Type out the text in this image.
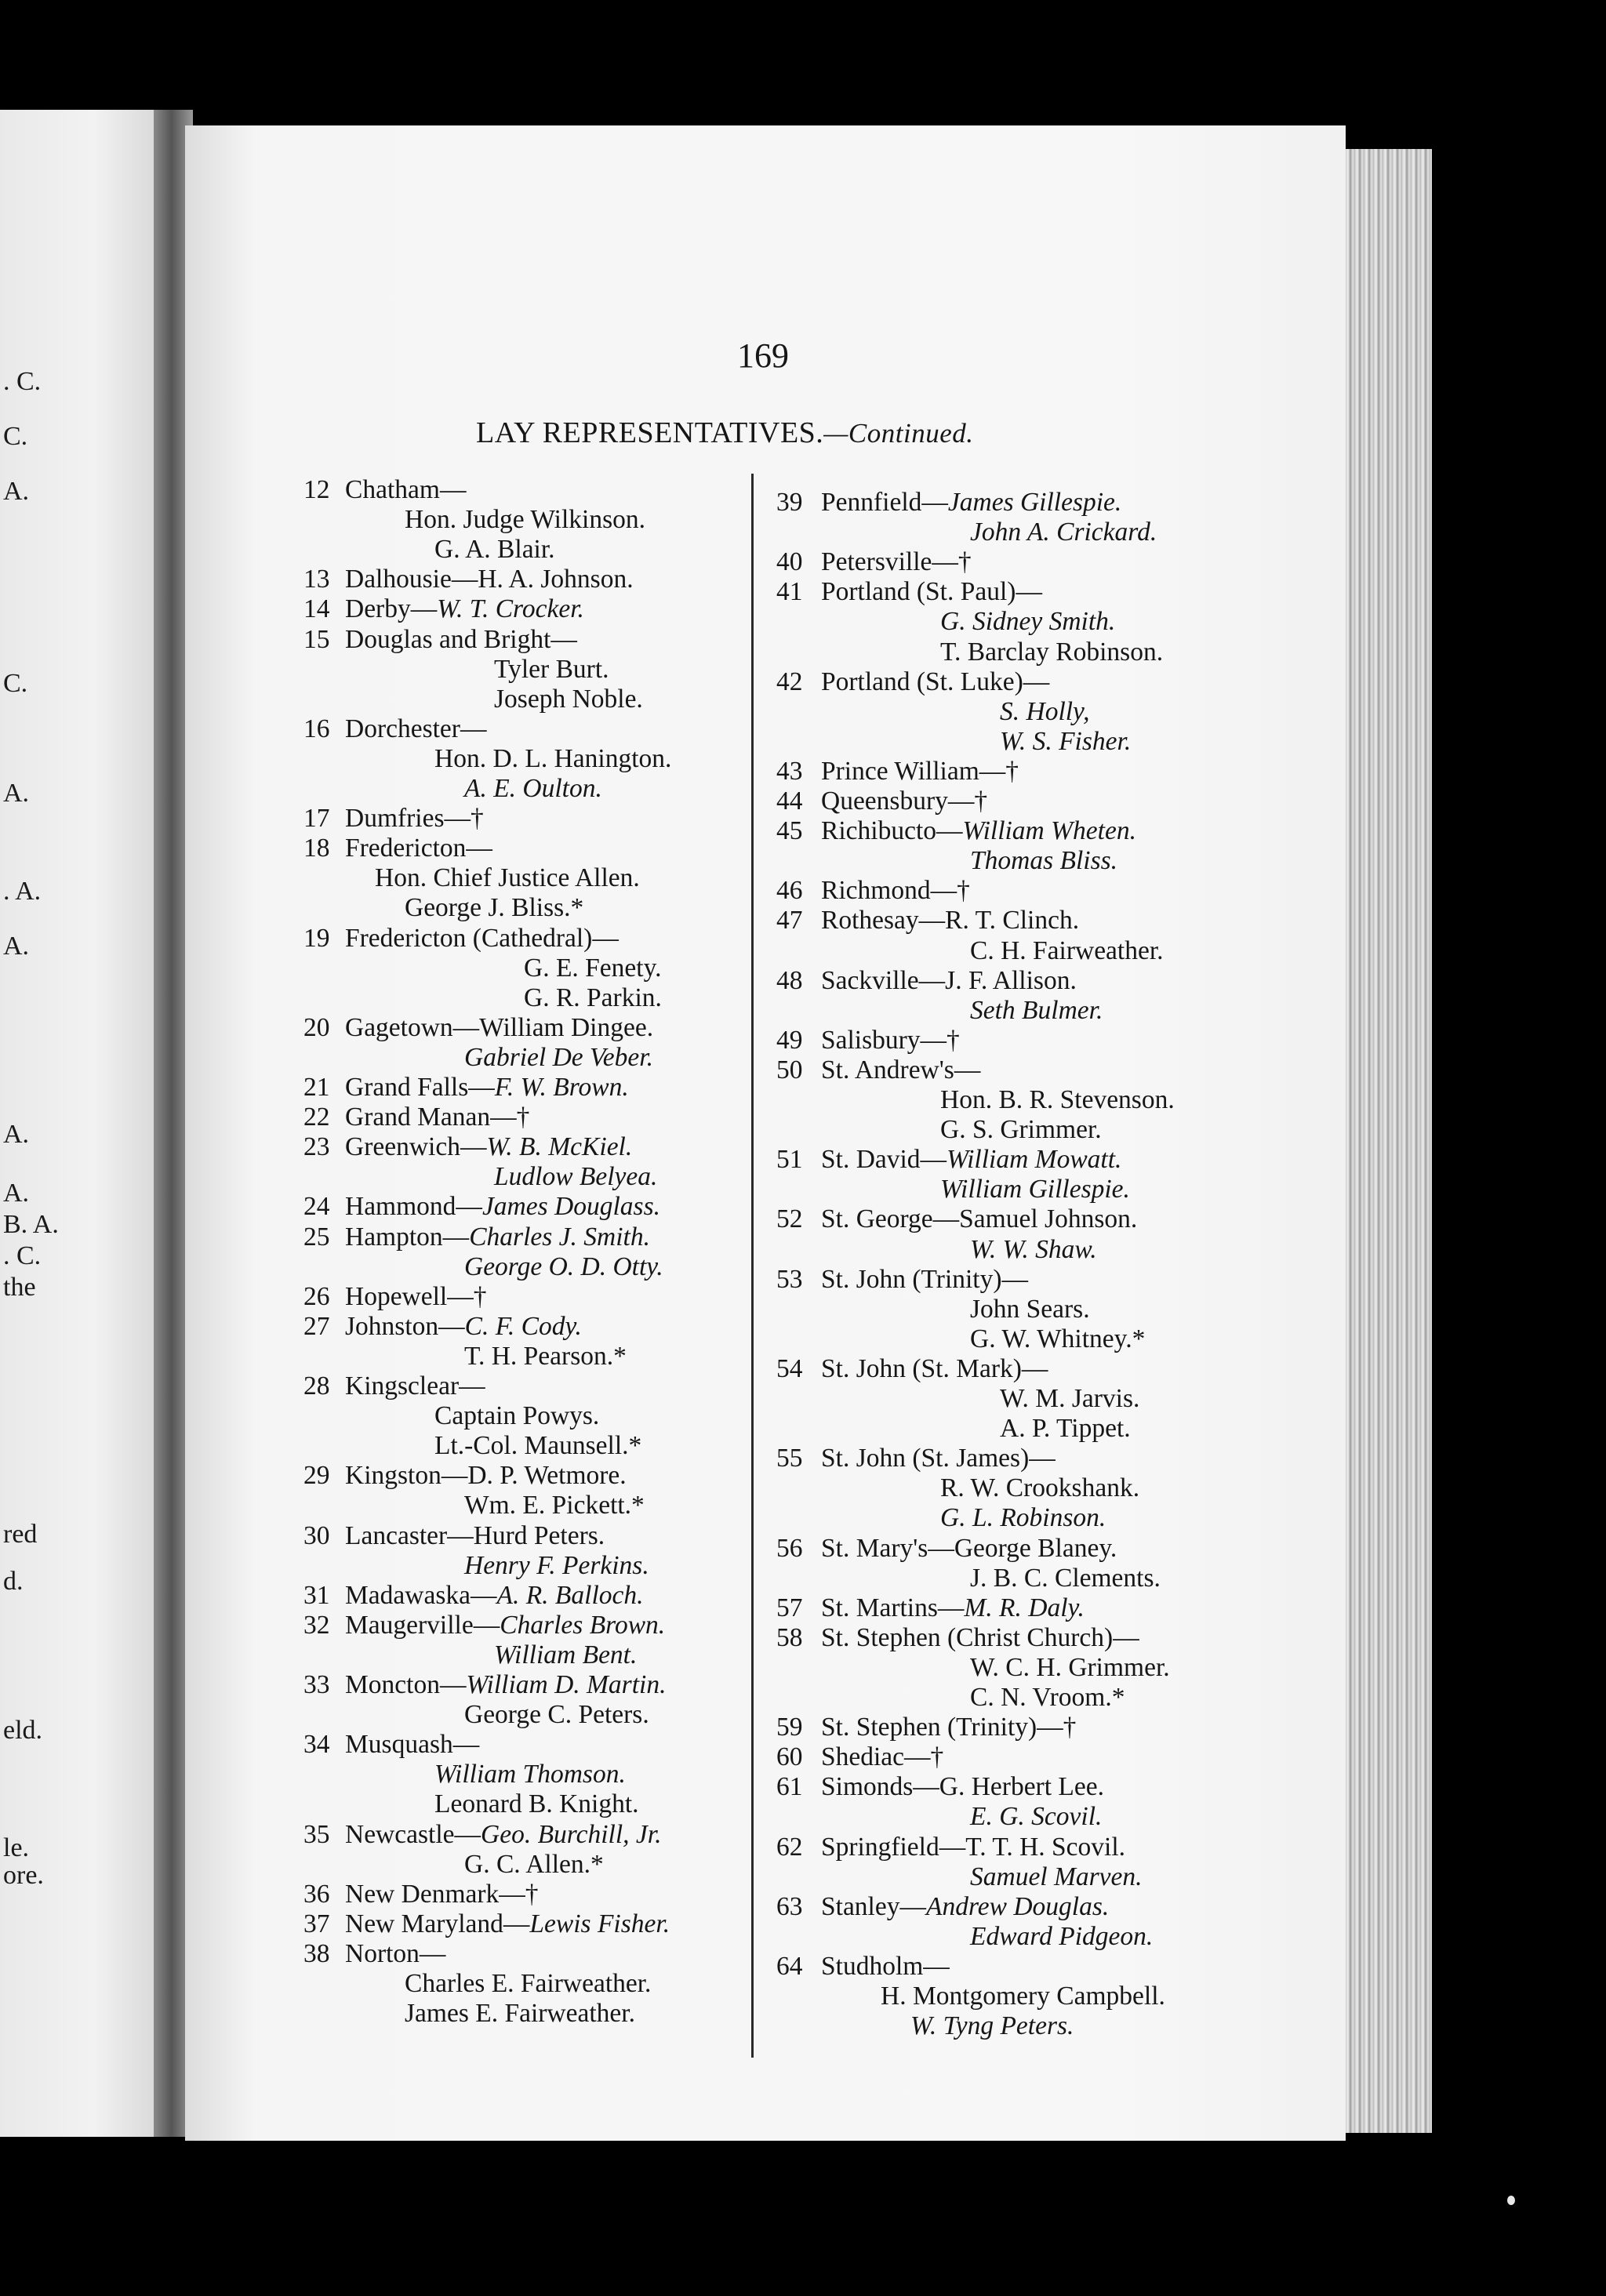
. C.
C.
A.
C.
A.
. A.
A.
A.
A.
B. A.
. C.
the
red
d.
eld.
le.
ore.
169
LAY REPRESENTATIVES.—Continued.
12 Chatham—
Hon. Judge Wilkinson.
G. A. Blair.
13 Dalhousie—H. A. Johnson.
14 Derby—W. T. Crocker.
15 Douglas and Bright—
Tyler Burt.
Joseph Noble.
16 Dorchester—
Hon. D. L. Hanington.
A. E. Oulton.
17 Dumfries—†
18 Fredericton—
Hon. Chief Justice Allen.
George J. Bliss.*
19 Fredericton (Cathedral)—
G. E. Fenety.
G. R. Parkin.
20 Gagetown—William Dingee.
Gabriel De Veber.
21 Grand Falls—F. W. Brown.
22 Grand Manan—†
23 Greenwich—W. B. McKiel.
Ludlow Belyea.
24 Hammond—James Douglass.
25 Hampton—Charles J. Smith.
George O. D. Otty.
26 Hopewell—†
27 Johnston—C. F. Cody.
T. H. Pearson.*
28 Kingsclear—
Captain Powys.
Lt.-Col. Maunsell.*
29 Kingston—D. P. Wetmore.
Wm. E. Pickett.*
30 Lancaster—Hurd Peters.
Henry F. Perkins.
31 Madawaska—A. R. Balloch.
32 Maugerville—Charles Brown.
William Bent.
33 Moncton—William D. Martin.
George C. Peters.
34 Musquash—
William Thomson.
Leonard B. Knight.
35 Newcastle—Geo. Burchill, Jr.
G. C. Allen.*
36 New Denmark—†
37 New Maryland—Lewis Fisher.
38 Norton—
Charles E. Fairweather.
James E. Fairweather.
39 Pennfield—James Gillespie.
John A. Crickard.
40 Petersville—†
41 Portland (St. Paul)—
G. Sidney Smith.
T. Barclay Robinson.
42 Portland (St. Luke)—
S. Holly,
W. S. Fisher.
43 Prince William—†
44 Queensbury—†
45 Richibucto—William Wheten.
Thomas Bliss.
46 Richmond—†
47 Rothesay—R. T. Clinch.
C. H. Fairweather.
48 Sackville—J. F. Allison.
Seth Bulmer.
49 Salisbury—†
50 St. Andrew's—
Hon. B. R. Stevenson.
G. S. Grimmer.
51 St. David—William Mowatt.
William Gillespie.
52 St. George—Samuel Johnson.
W. W. Shaw.
53 St. John (Trinity)—
John Sears.
G. W. Whitney.*
54 St. John (St. Mark)—
W. M. Jarvis.
A. P. Tippet.
55 St. John (St. James)—
R. W. Crookshank.
G. L. Robinson.
56 St. Mary's—George Blaney.
J. B. C. Clements.
57 St. Martins—M. R. Daly.
58 St. Stephen (Christ Church)—
W. C. H. Grimmer.
C. N. Vroom.*
59 St. Stephen (Trinity)—†
60 Shediac—†
61 Simonds—G. Herbert Lee.
E. G. Scovil.
62 Springfield—T. T. H. Scovil.
Samuel Marven.
63 Stanley—Andrew Douglas.
Edward Pidgeon.
64 Studholm—
H. Montgomery Campbell.
W. Tyng Peters.
